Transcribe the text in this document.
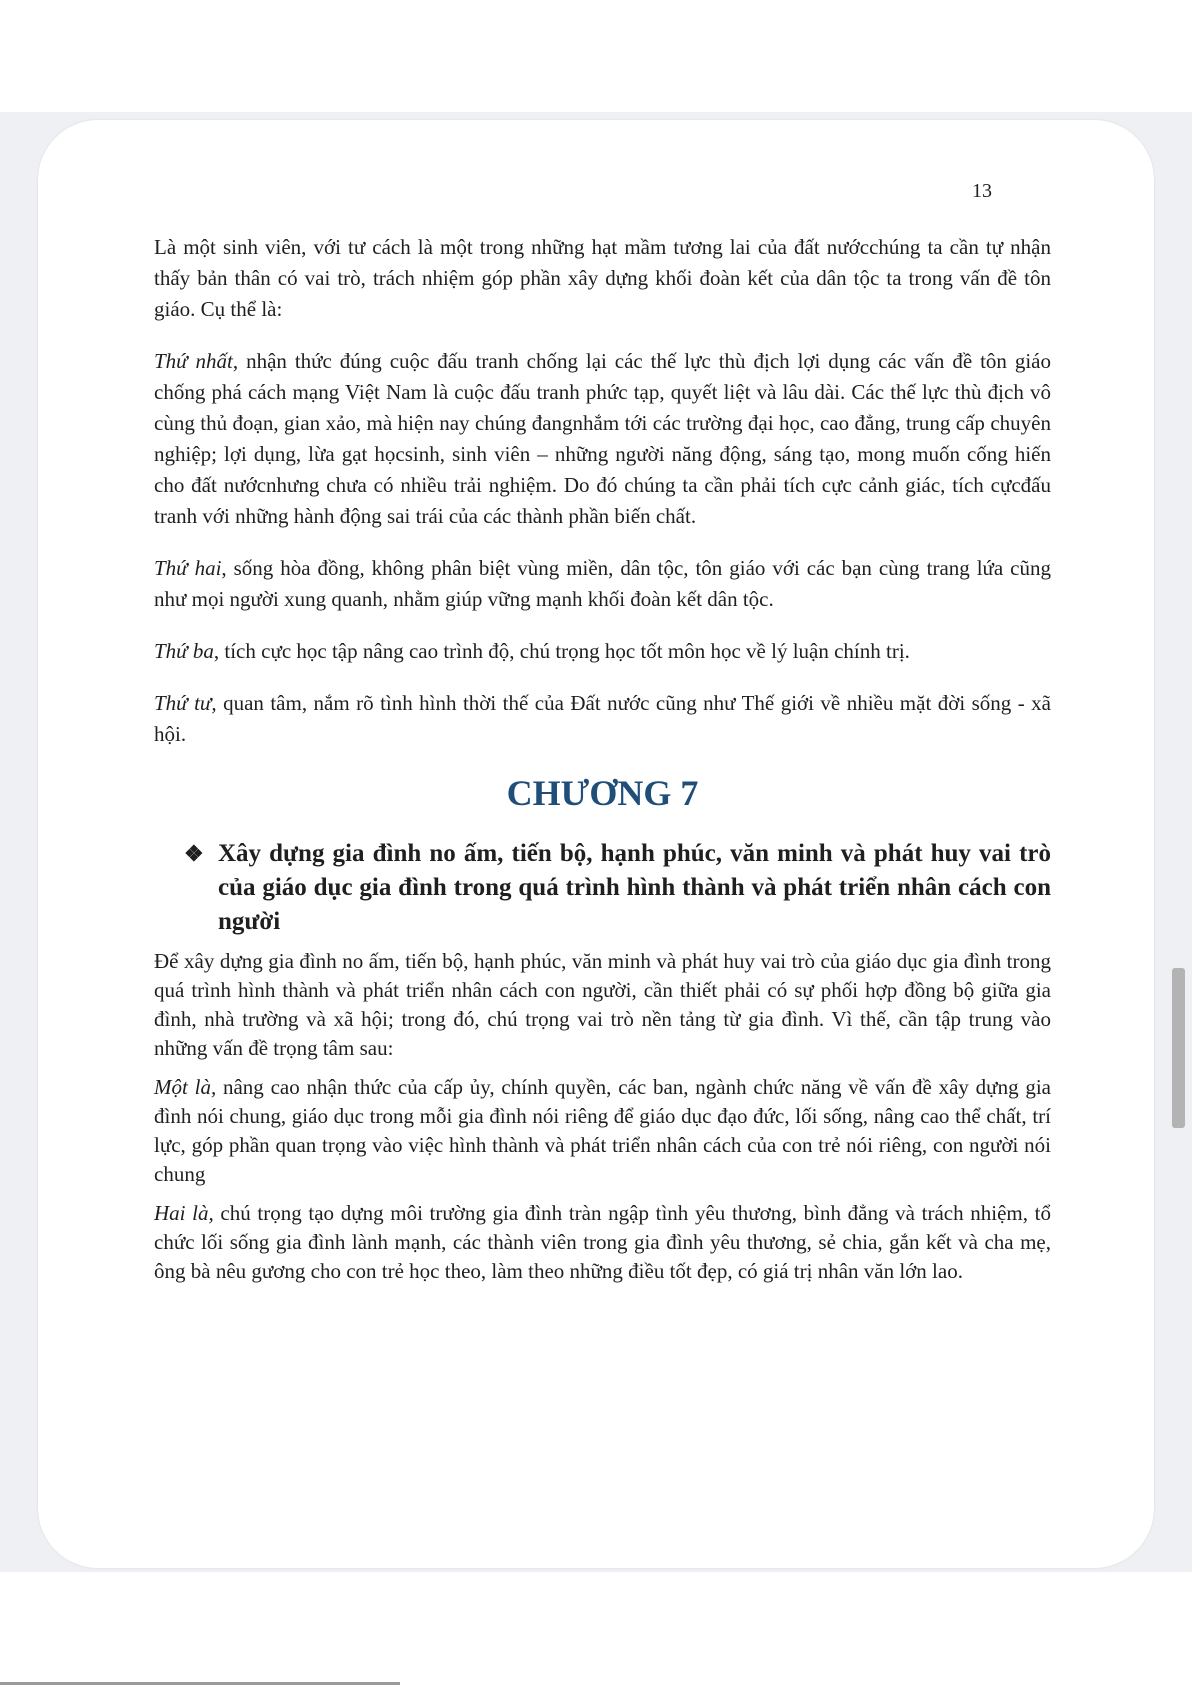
13

Là một sinh viên, với tư cách là một trong những hạt mầm tương lai của đất nướcchúng ta cần tự nhận thấy bản thân có vai trò, trách nhiệm góp phần xây dựng khối đoàn kết của dân tộc ta trong vấn đề tôn giáo. Cụ thể là:

Thứ nhất, nhận thức đúng cuộc đấu tranh chống lại các thế lực thù địch lợi dụng các vấn đề tôn giáo chống phá cách mạng Việt Nam là cuộc đấu tranh phức tạp, quyết liệt và lâu dài. Các thế lực thù địch vô cùng thủ đoạn, gian xảo, mà hiện nay chúng đangnhắm tới các trường đại học, cao đẳng, trung cấp chuyên nghiệp; lợi dụng, lừa gạt họcsinh, sinh viên – những người năng động, sáng tạo, mong muốn cống hiến cho đất nướcnhưng chưa có nhiều trải nghiệm. Do đó chúng ta cần phải tích cực cảnh giác, tích cựcđấu tranh với những hành động sai trái của các thành phần biến chất.

Thứ hai, sống hòa đồng, không phân biệt vùng miền, dân tộc, tôn giáo với các bạn cùng trang lứa cũng như mọi người xung quanh, nhằm giúp vững mạnh khối đoàn kết dân tộc.

Thứ ba, tích cực học tập nâng cao trình độ, chú trọng học tốt môn học về lý luận chính trị.

Thứ tư, quan tâm, nắm rõ tình hình thời thế của Đất nước cũng như Thế giới về nhiều mặt đời sống - xã hội.

CHƯƠNG 7
❖ Xây dựng gia đình no ấm, tiến bộ, hạnh phúc, văn minh và phát huy vai trò của giáo dục gia đình trong quá trình hình thành và phát triển nhân cách con người

Để xây dựng gia đình no ấm, tiến bộ, hạnh phúc, văn minh và phát huy vai trò của giáo dục gia đình trong quá trình hình thành và phát triển nhân cách con người, cần thiết phải có sự phối hợp đồng bộ giữa gia đình, nhà trường và xã hội; trong đó, chú trọng vai trò nền tảng từ gia đình. Vì thế, cần tập trung vào những vấn đề trọng tâm sau:

Một là, nâng cao nhận thức của cấp ủy, chính quyền, các ban, ngành chức năng về vấn đề xây dựng gia đình nói chung, giáo dục trong mỗi gia đình nói riêng để giáo dục đạo đức, lối sống, nâng cao thể chất, trí lực, góp phần quan trọng vào việc hình thành và phát triển nhân cách của con trẻ nói riêng, con người nói chung

Hai là, chú trọng tạo dựng môi trường gia đình tràn ngập tình yêu thương, bình đẳng và trách nhiệm, tổ chức lối sống gia đình lành mạnh, các thành viên trong gia đình yêu thương, sẻ chia, gắn kết và cha mẹ, ông bà nêu gương cho con trẻ học theo, làm theo những điều tốt đẹp, có giá trị nhân văn lớn lao.
